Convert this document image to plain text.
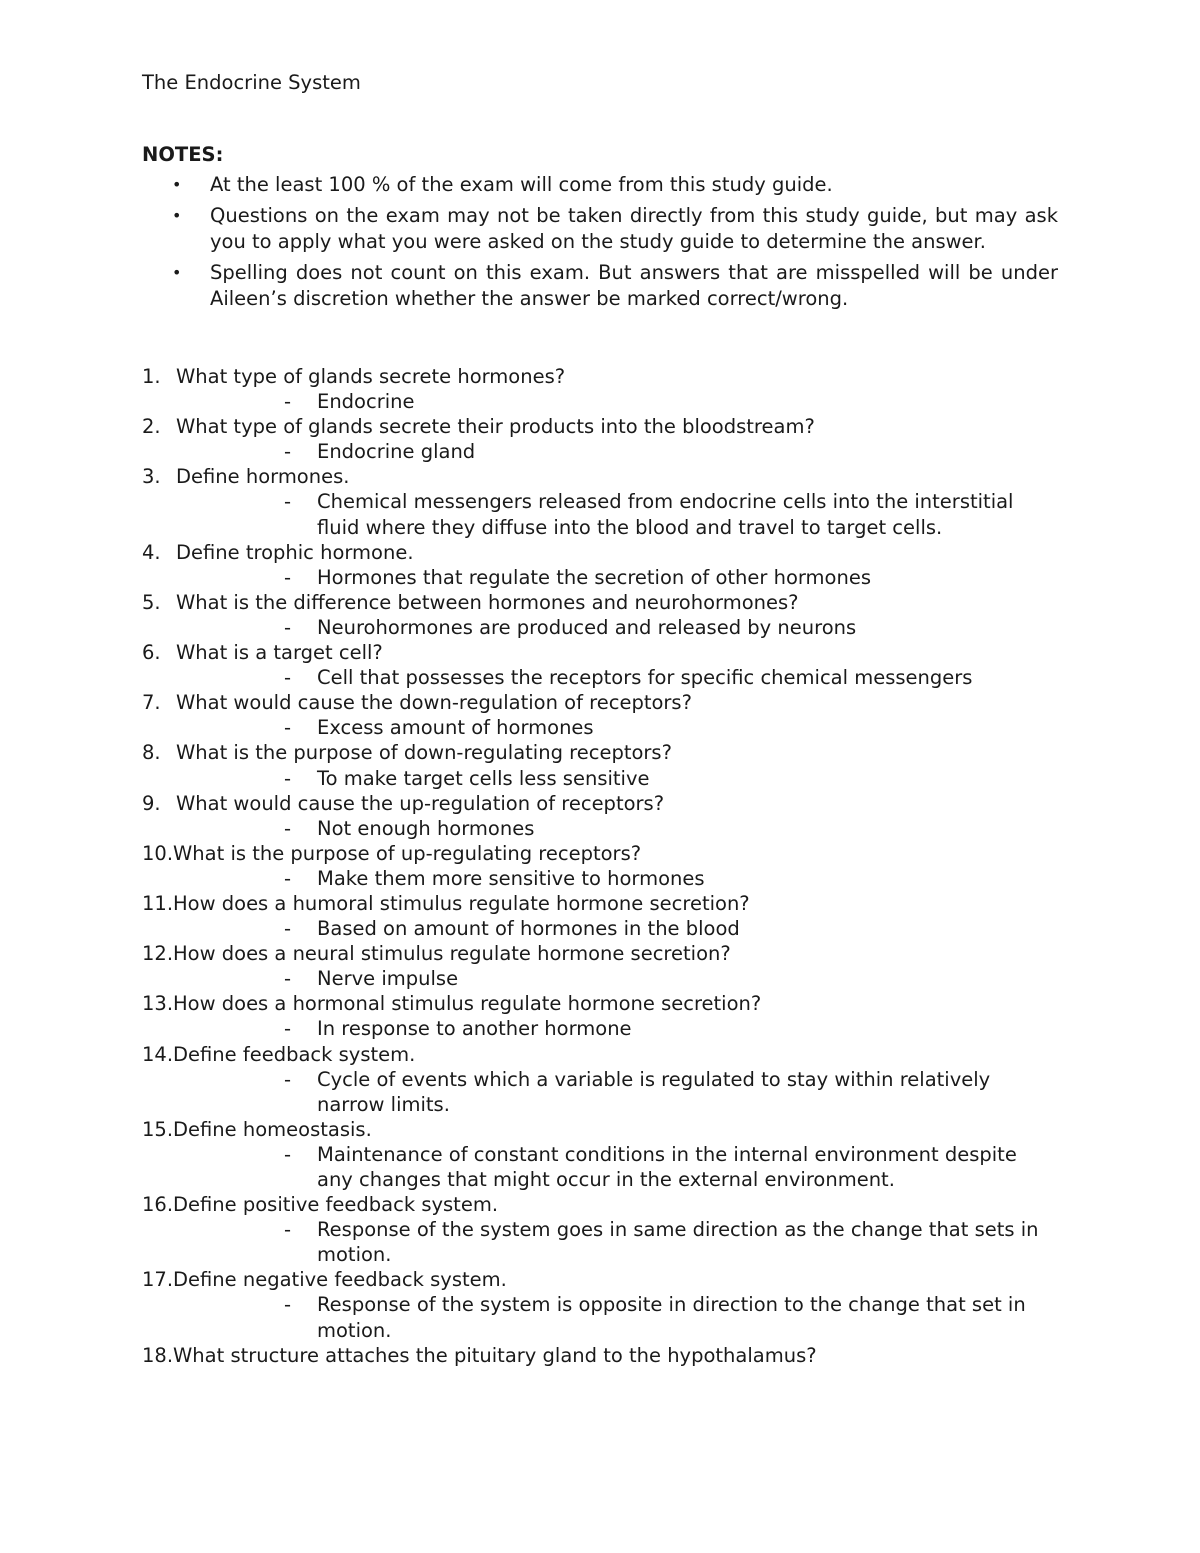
The Endocrine System
NOTES:
• At the least 100 % of the exam will come from this study guide.
• Questions on the exam may not be taken directly from this study guide, but may ask you to apply what you were asked on the study guide to determine the answer.
• Spelling does not count on this exam. But answers that are misspelled will be under Aileen’s discretion whether the answer be marked correct/wrong.
1. What type of glands secrete hormones?
- Endocrine
2. What type of glands secrete their products into the bloodstream?
- Endocrine gland
3. Define hormones.
- Chemical messengers released from endocrine cells into the interstitial fluid where they diffuse into the blood and travel to target cells.
4. Define trophic hormone.
- Hormones that regulate the secretion of other hormones
5. What is the difference between hormones and neurohormones?
- Neurohormones are produced and released by neurons
6. What is a target cell?
- Cell that possesses the receptors for specific chemical messengers
7. What would cause the down-regulation of receptors?
- Excess amount of hormones
8. What is the purpose of down-regulating receptors?
- To make target cells less sensitive
9. What would cause the up-regulation of receptors?
- Not enough hormones
10.What is the purpose of up-regulating receptors?
- Make them more sensitive to hormones
11.How does a humoral stimulus regulate hormone secretion?
- Based on amount of hormones in the blood
12.How does a neural stimulus regulate hormone secretion?
- Nerve impulse
13.How does a hormonal stimulus regulate hormone secretion?
- In response to another hormone
14.Define feedback system.
- Cycle of events which a variable is regulated to stay within relatively narrow limits.
15.Define homeostasis.
- Maintenance of constant conditions in the internal environment despite any changes that might occur in the external environment.
16.Define positive feedback system.
- Response of the system goes in same direction as the change that sets in motion.
17.Define negative feedback system.
- Response of the system is opposite in direction to the change that set in motion.
18.What structure attaches the pituitary gland to the hypothalamus?
